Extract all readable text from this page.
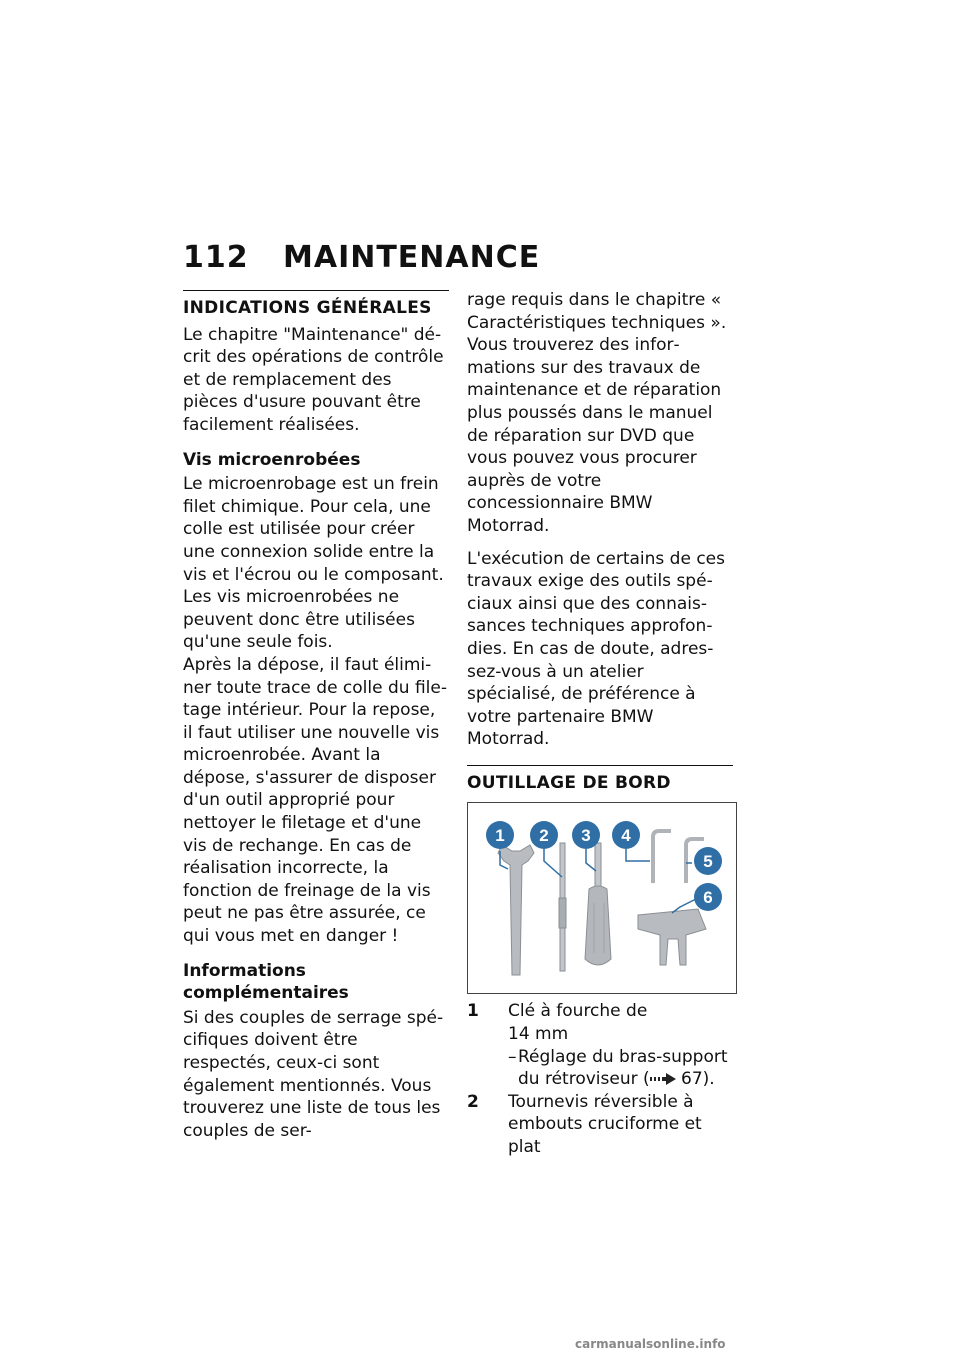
112	MAINTENANCE
INDICATIONS GÉNÉRALES

Le chapitre "Maintenance" décrit des opérations de contrôle et de remplacement des pièces d'usure pouvant être facilement réalisées.

Vis microenrobées

Le microenrobage est un frein filet chimique. Pour cela, une colle est utilisée pour créer une connexion solide entre la vis et l'écrou ou le composant. Les vis microenrobées ne peuvent donc être utilisées qu'une seule fois.

Après la dépose, il faut éliminer toute trace de colle du filetage intérieur. Pour la repose, il faut utiliser une nouvelle vis microenrobée. Avant la dépose, s'assurer de disposer d'un outil approprié pour nettoyer le filetage et d'une vis de rechange. En cas de réalisation incorrecte, la fonction de freinage de la vis peut ne pas être assurée, ce qui vous met en danger !

Informations complémentaires

Si des couples de serrage spécifiques doivent être respectés, ceux-ci sont également mentionnés. Vous trouverez une liste de tous les couples de ser-

rage requis dans le chapitre « Caractéristiques techniques ». Vous trouverez des informations sur des travaux de maintenance et de réparation plus poussés dans le manuel de réparation sur DVD que vous pouvez vous procurer auprès de votre concessionnaire BMW Motorrad.

L'exécution de certains de ces travaux exige des outils spéciaux ainsi que des connaissances techniques approfondies. En cas de doute, adressez-vous à un atelier spécialisé, de préférence à votre partenaire BMW Motorrad.

OUTILLAGE DE BORD
1 2 3 4
5
6
1	Clé à fourche de 14 mm
– Réglage du bras-support du rétroviseur ( 67).
2	Tournevis réversible à embouts cruciforme et plat
carmanualsonline.info
